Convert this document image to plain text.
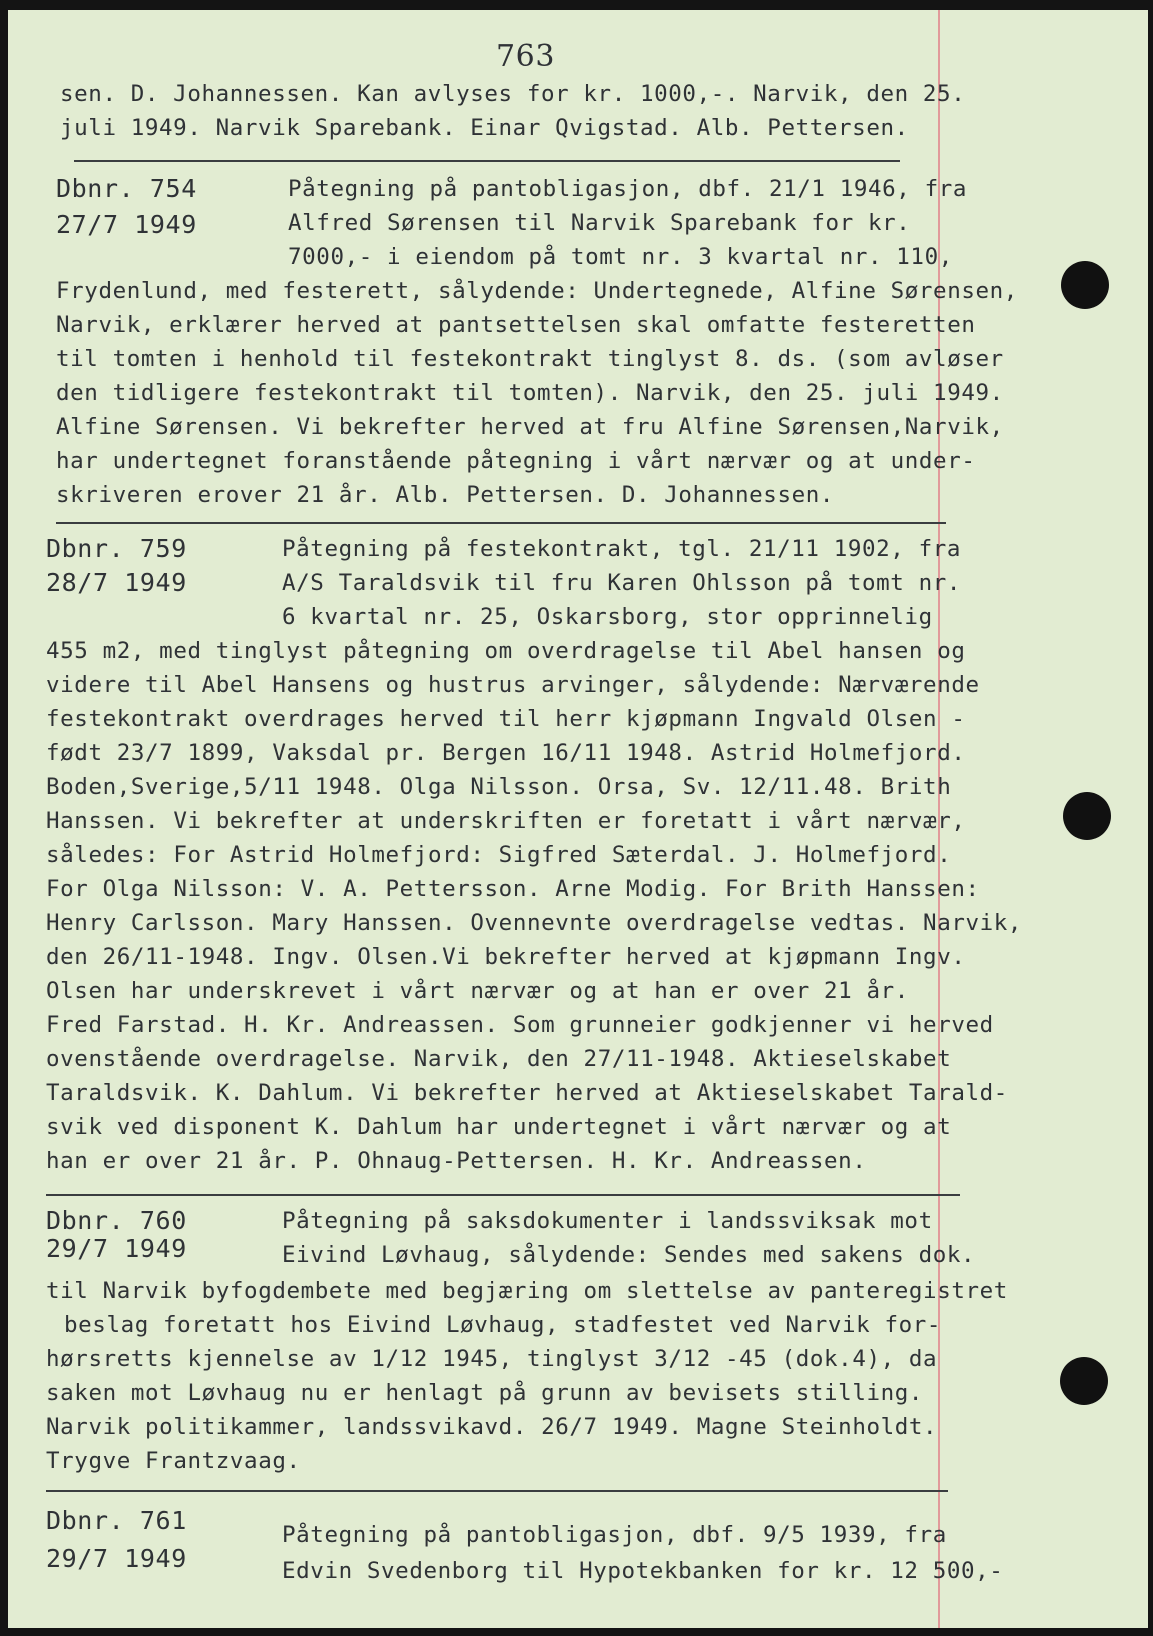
763
sen. D. Johannessen. Kan avlyses for kr. 1000,-. Narvik, den 25.
juli 1949. Narvik Sparebank. Einar Qvigstad. Alb. Pettersen.
Dbnr. 754
27/7 1949
Påtegning på pantobligasjon, dbf. 21/1 1946, fra
Alfred Sørensen til Narvik Sparebank for kr.
7000,- i eiendom på tomt nr. 3 kvartal nr. 110,
Frydenlund, med festerett, sålydende: Undertegnede, Alfine Sørensen,
Narvik, erklærer herved at pantsettelsen skal omfatte festeretten
til tomten i henhold til festekontrakt tinglyst 8. ds. (som avløser
den tidligere festekontrakt til tomten). Narvik, den 25. juli 1949.
Alfine Sørensen. Vi bekrefter herved at fru Alfine Sørensen,Narvik,
har undertegnet foranstående påtegning i vårt nærvær og at under-
skriveren erover 21 år. Alb. Pettersen. D. Johannessen.
Dbnr. 759
28/7 1949
Påtegning på festekontrakt, tgl. 21/11 1902, fra
A/S Taraldsvik til fru Karen Ohlsson på tomt nr.
6 kvartal nr. 25, Oskarsborg, stor opprinnelig
455 m2, med tinglyst påtegning om overdragelse til Abel hansen og
videre til Abel Hansens og hustrus arvinger, sålydende: Nærværende
festekontrakt overdrages herved til herr kjøpmann Ingvald Olsen -
født 23/7 1899, Vaksdal pr. Bergen 16/11 1948. Astrid Holmefjord.
Boden,Sverige,5/11 1948. Olga Nilsson. Orsa, Sv. 12/11.48. Brith
Hanssen. Vi bekrefter at underskriften er foretatt i vårt nærvær,
således: For Astrid Holmefjord: Sigfred Sæterdal. J. Holmefjord.
For Olga Nilsson: V. A. Pettersson. Arne Modig. For Brith Hanssen:
Henry Carlsson. Mary Hanssen. Ovennevnte overdragelse vedtas. Narvik,
den 26/11-1948. Ingv. Olsen.Vi bekrefter herved at kjøpmann Ingv.
Olsen har underskrevet i vårt nærvær og at han er over 21 år.
Fred Farstad. H. Kr. Andreassen. Som grunneier godkjenner vi herved
ovenstående overdragelse. Narvik, den 27/11-1948. Aktieselskabet
Taraldsvik. K. Dahlum. Vi bekrefter herved at Aktieselskabet Tarald-
svik ved disponent K. Dahlum har undertegnet i vårt nærvær og at
han er over 21 år. P. Ohnaug-Pettersen. H. Kr. Andreassen.
Dbnr. 760
29/7 1949
Påtegning på saksdokumenter i landssviksak mot
Eivind Løvhaug, sålydende: Sendes med sakens dok.
til Narvik byfogdembete med begjæring om slettelse av panteregistret
beslag foretatt hos Eivind Løvhaug, stadfestet ved Narvik for-
hørsretts kjennelse av 1/12 1945, tinglyst 3/12 -45 (dok.4), da
saken mot Løvhaug nu er henlagt på grunn av bevisets stilling.
Narvik politikammer, landssvikavd. 26/7 1949. Magne Steinholdt.
Trygve Frantzvaag.
Dbnr. 761
29/7 1949
Påtegning på pantobligasjon, dbf. 9/5 1939, fra
Edvin Svedenborg til Hypotekbanken for kr. 12 500,-
